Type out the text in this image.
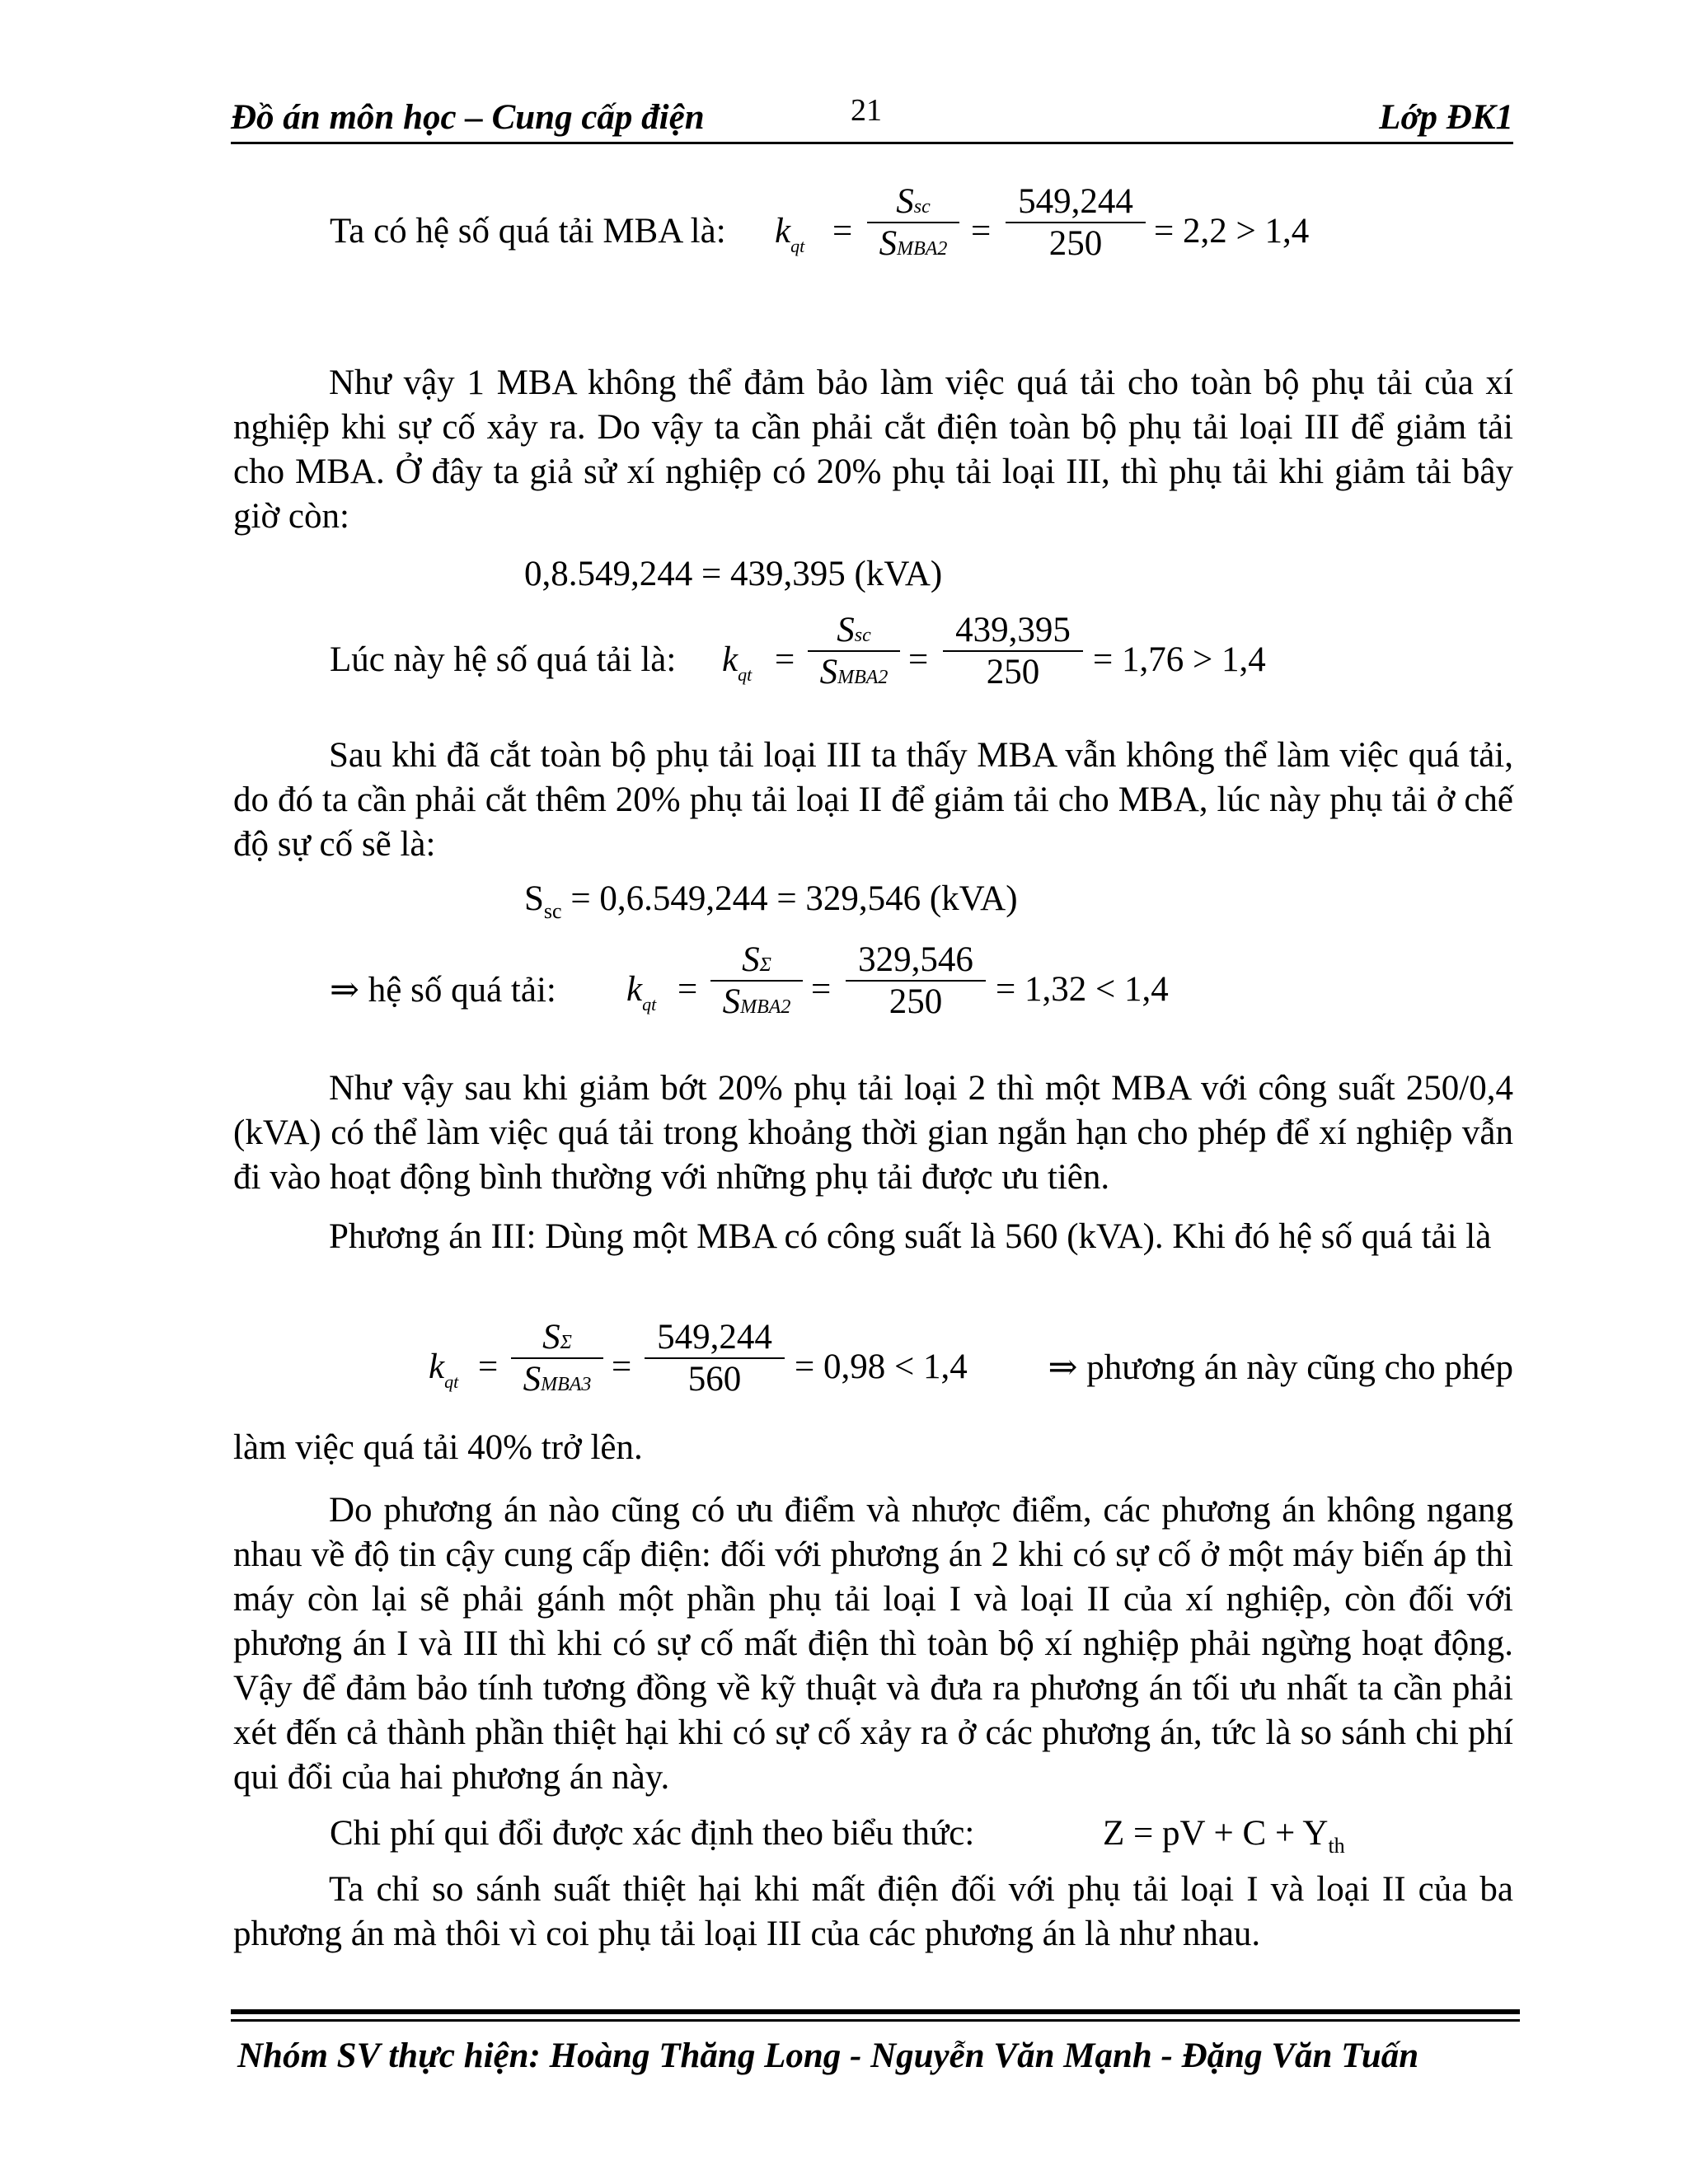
Đồ án môn học – Cung cấp điện	21	Lớp ĐK1
Ta có hệ số quá tải MBA là: $k_{qt}$ =
Ssc
SMBA2 =
549,244
250	= 2,2 > 1,4
Như vậy 1 MBA không thể đảm bảo làm việc quá tải cho toàn bộ phụ tải của xí nghiệp khi sự cố xảy ra. Do vậy ta cần phải cắt điện toàn bộ phụ tải loại III để giảm tải cho MBA. Ở đây ta giả sử xí nghiệp có 20% phụ tải loại III, thì phụ tải khi giảm tải bây giờ còn:
0,8.549,244 = 439,395 (kVA)
Lúc này hệ số quá tải là: $k_{qt}$ =
Ssc
SMBA2 =
439,395
250	= 1,76 > 1,4
Sau khi đã cắt toàn bộ phụ tải loại III ta thấy MBA vẫn không thể làm việc quá tải, do đó ta cần phải cắt thêm 20% phụ tải loại II để giảm tải cho MBA, lúc này phụ tải ở chế độ sự cố sẽ là:
$S_{sc} = 0,6.549,244 = 329,546$ (kVA)
⇒ hệ số quá tải: $k_{qt}$ =
SΣ
SMBA2 =
329,546
250	= 1,32 < 1,4
Như vậy sau khi giảm bớt 20% phụ tải loại 2 thì một MBA với công suất 250/0,4 (kVA) có thể làm việc quá tải trong khoảng thời gian ngắn hạn cho phép để xí nghiệp vẫn đi vào hoạt động bình thường với những phụ tải được ưu tiên.
Phương án III: Dùng một MBA có công suất là 560 (kVA). Khi đó hệ số quá tải là
$k_{qt}$ =
SΣ
SMBA3 =
549,244
560	= 0,98 < 1,4 ⇒ phương án này cũng cho phép
làm việc quá tải 40% trở lên.
Do phương án nào cũng có ưu điểm và nhược điểm, các phương án không ngang nhau về độ tin cậy cung cấp điện: đối với phương án 2 khi có sự cố ở một máy biến áp thì máy còn lại sẽ phải gánh một phần phụ tải loại I và loại II của xí nghiệp, còn đối với phương án I và III thì khi có sự cố mất điện thì toàn bộ xí nghiệp phải ngừng hoạt động. Vậy để đảm bảo tính tương đồng về kỹ thuật và đưa ra phương án tối ưu nhất ta cần phải xét đến cả thành phần thiệt hại khi có sự cố xảy ra ở các phương án, tức là so sánh chi phí qui đổi của hai phương án này.
Chi phí qui đổi được xác định theo biểu thức:	Z = pV + $C + Y_{th}$
Ta chỉ so sánh suất thiệt hại khi mất điện đối với phụ tải loại I và loại II của ba phương án mà thôi vì coi phụ tải loại III của các phương án là như nhau.
Nhóm SV thực hiện: Hoàng Thăng Long - Nguyễn Văn Mạnh - Đặng Văn Tuấn
